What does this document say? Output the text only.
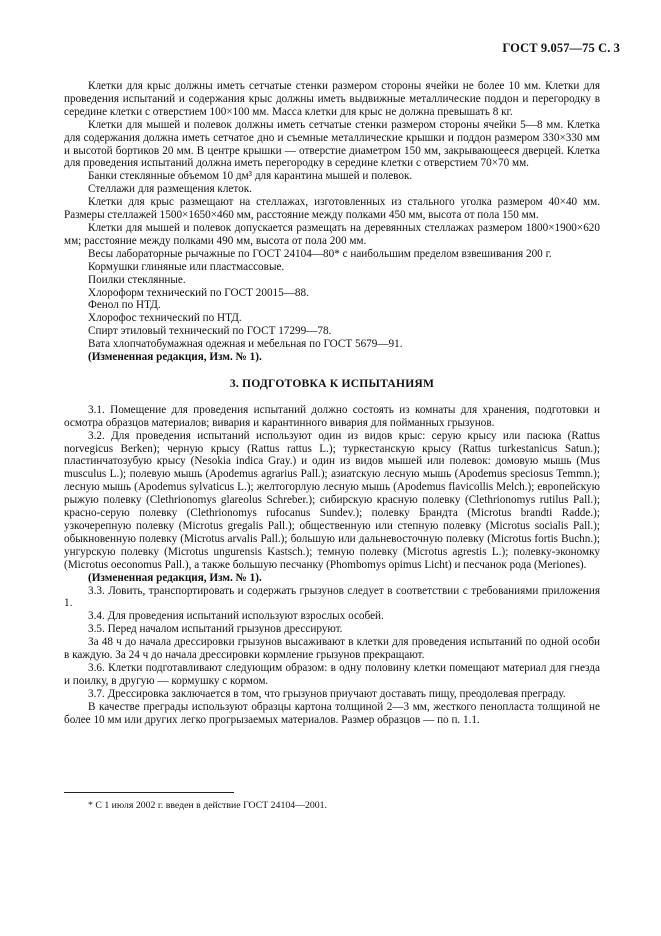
ГОСТ 9.057—75 С. 3

Клетки для крыс должны иметь сетчатые стенки размером стороны ячейки не более 10 мм. Клетки для проведения испытаний и содержания крыс должны иметь выдвижные металлические поддон и перегородку в середине клетки с отверстием 100×100 мм. Масса клетки для крыс не должна превышать 8 кг.

Клетки для мышей и полевок должны иметь сетчатые стенки размером стороны ячейки 5—8 мм. Клетка для содержания должна иметь сетчатое дно и съемные металлические крышки и поддон размером 330×330 мм и высотой бортиков 20 мм. В центре крышки — отверстие диаметром 150 мм, закрывающееся дверцей. Клетка для проведения испытаний должна иметь перегородку в середине клетки с отверстием 70×70 мм.

Банки стеклянные объемом 10 дм³ для карантина мышей и полевок.

Стеллажи для размещения клеток.

Клетки для крыс размещают на стеллажах, изготовленных из стального уголка размером 40×40 мм. Размеры стеллажей 1500×1650×460 мм, расстояние между полками 450 мм, высота от пола 150 мм.

Клетки для мышей и полевок допускается размещать на деревянных стеллажах размером 1800×1900×620 мм; расстояние между полками 490 мм, высота от пола 200 мм.

Весы лабораторные рычажные по ГОСТ 24104—80* с наибольшим пределом взвешивания 200 г.

Кормушки глиняные или пластмассовые.

Поилки стеклянные.

Хлороформ технический по ГОСТ 20015—88.

Фенол по НТД.

Хлорофос технический по НТД.

Спирт этиловый технический по ГОСТ 17299—78.

Вата хлопчатобумажная одежная и мебельная по ГОСТ 5679—91.

(Измененная редакция, Изм. № 1).

3. ПОДГОТОВКА К ИСПЫТАНИЯМ

3.1. Помещение для проведения испытаний должно состоять из комнаты для хранения, подготовки и осмотра образцов материалов; вивария и карантинного вивария для пойманных грызунов.

3.2. Для проведения испытаний используют один из видов крыс: серую крысу или пасюка (Rattus norvegicus Berken); черную крысу (Rattus rattus L.); туркестанскую крысу (Rattus turkestanicus Satun.); пластинчатозубую крысу (Nesokia indica Gray.) и один из видов мышей или полевок: домовую мышь (Mus musculus L.); полевую мышь (Apodemus agrarius Pall.); азиатскую лесную мышь (Apodemus speciosus Temmn.); лесную мышь (Apodemus sylvaticus L.); желтогорлую лесную мышь (Apodemus flavicollis Melch.); европейскую рыжую полевку (Clethrionomys glareolus Schreber.); сибирскую красную полевку (Clethrionomys rutilus Pall.); красно-серую полевку (Clethrionomys rufocanus Sundev.); полевку Брандта (Microtus brandti Radde.); узкочерепную полевку (Microtus gregalis Pall.); общественную или степную полевку (Microtus socialis Pall.); обыкновенную полевку (Microtus arvalis Pall.); большую или дальневосточную полевку (Microtus fortis Buchn.); унгурскую полевку (Microtus ungurensis Kastsch.); темную полевку (Microtus agrestis L.); полевку-экономку (Microtus oeconomus Pall.), а также большую песчанку (Phombomys opimus Licht) и песчанок рода (Meriones).

(Измененная редакция, Изм. № 1).

3.3. Ловить, транспортировать и содержать грызунов следует в соответствии с требованиями приложения 1.

3.4. Для проведения испытаний используют взрослых особей.

3.5. Перед началом испытаний грызунов дрессируют.

За 48 ч до начала дрессировки грызунов высаживают в клетки для проведения испытаний по одной особи в каждую. За 24 ч до начала дрессировки кормление грызунов прекращают.

3.6. Клетки подготавливают следующим образом: в одну половину клетки помещают материал для гнезда и поилку, в другую — кормушку с кормом.

3.7. Дрессировка заключается в том, что грызунов приучают доставать пищу, преодолевая преграду.

В качестве преграды используют образцы картона толщиной 2—3 мм, жесткого пенопласта толщиной не более 10 мм или других легко прогрызаемых материалов. Размер образцов — по п. 1.1.

* С 1 июля 2002 г. введен в действие ГОСТ 24104—2001.
